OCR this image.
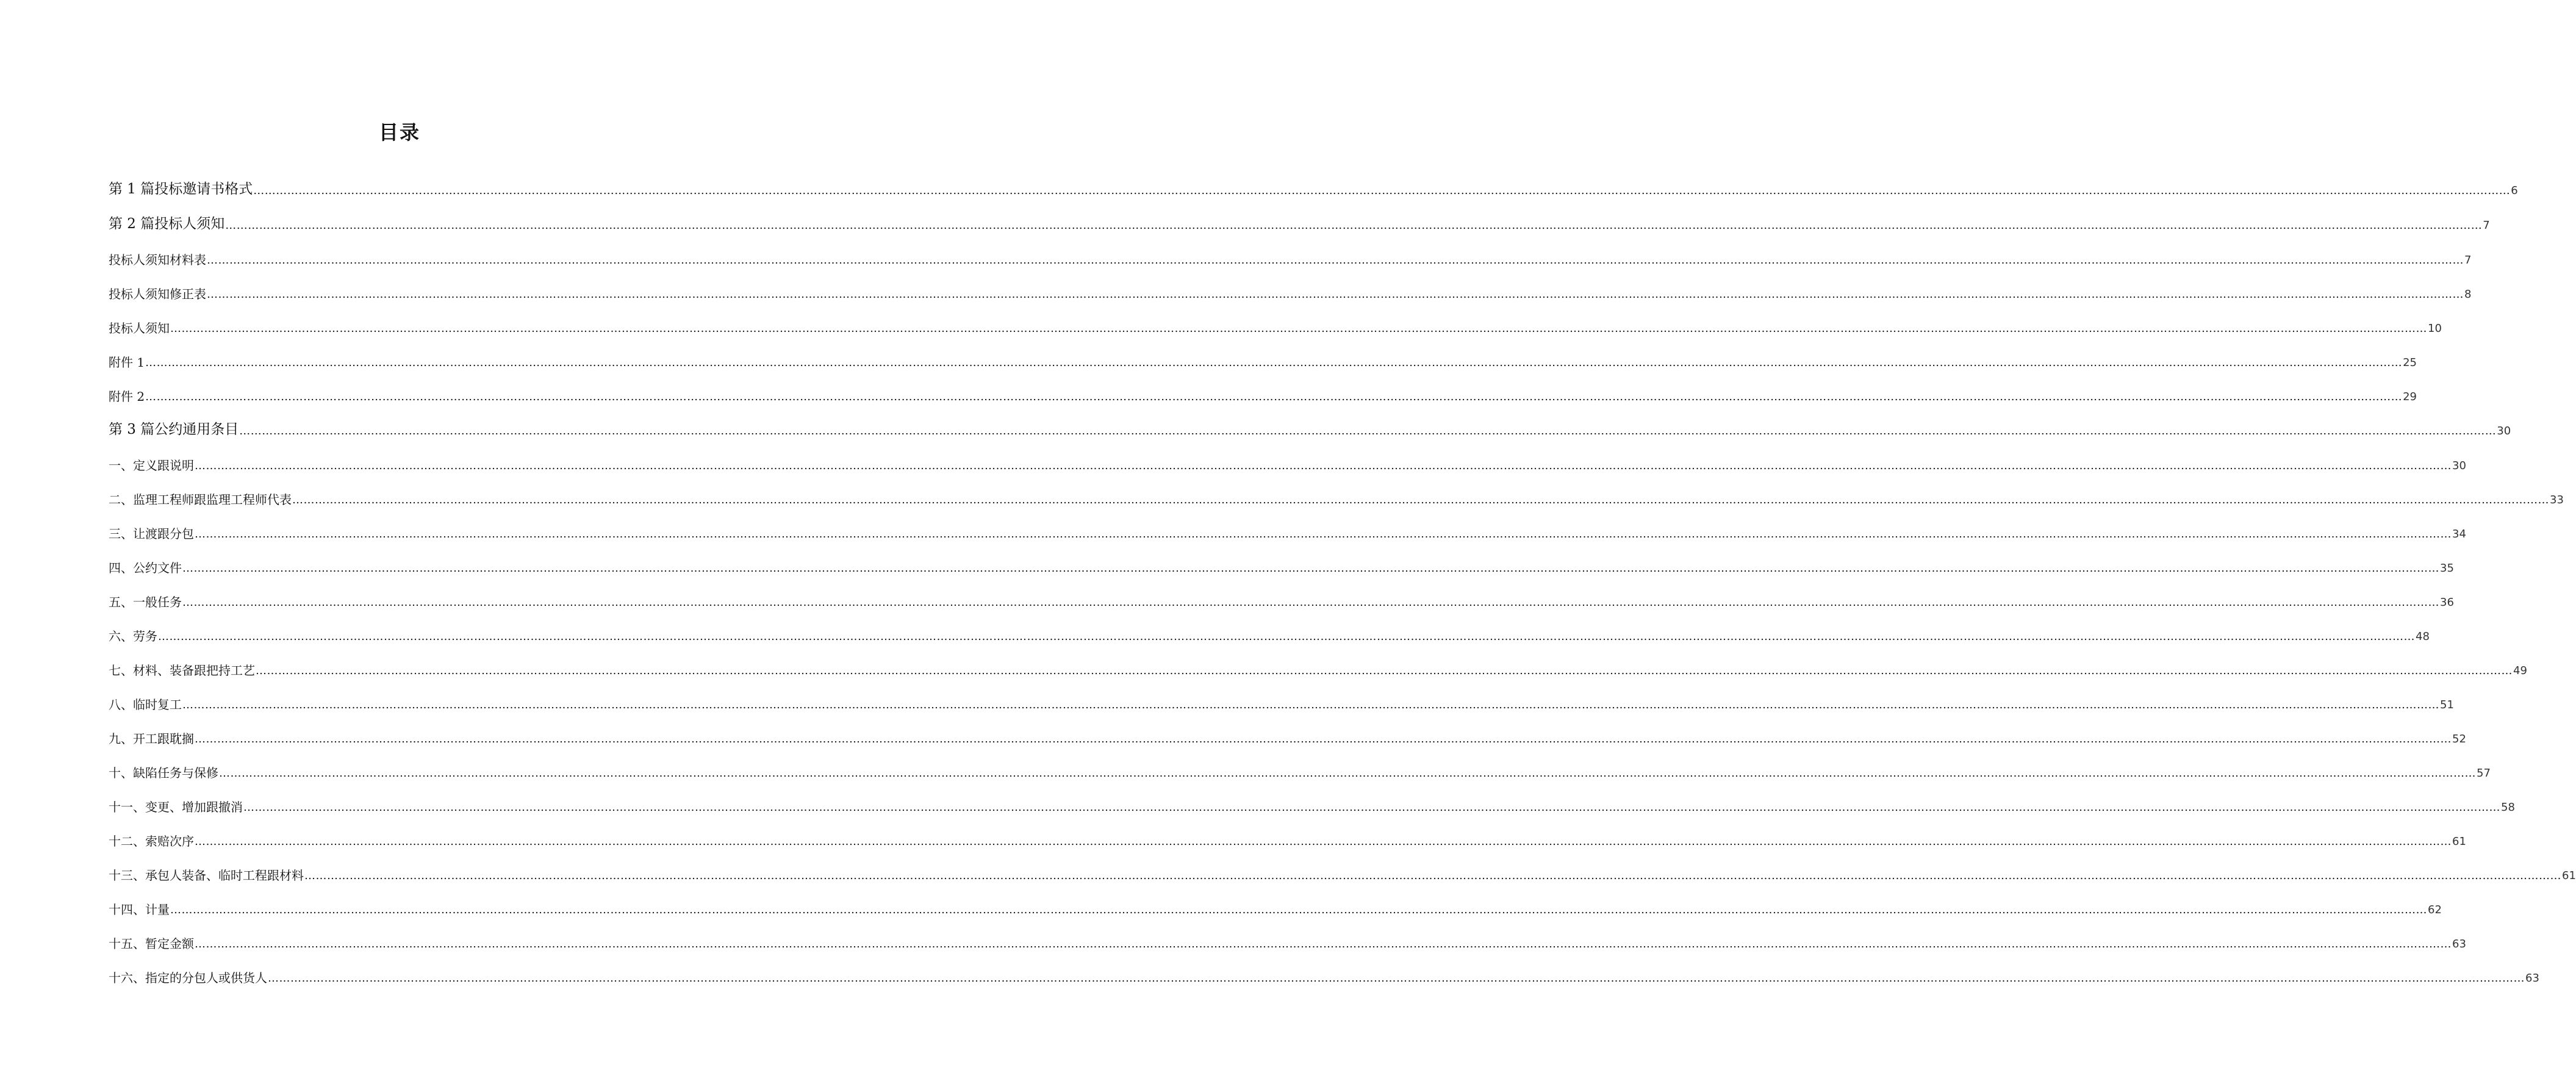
目录
第 1 篇投标邀请书格式 …………………………………………………………………………………………………………………………………………………………………………………………………………………………………………………………………………………………………………………………………………………………………………………………………………………………………………………………………………………………………………………………………………………… 6
第 2 篇投标人须知 …………………………………………………………………………………………………………………………………………………………………………………………………………………………………………………………………………………………………………………………………………………………………………………………………………………………………………………………………………………………………………………………………………………… 7
投标人须知材料表 …………………………………………………………………………………………………………………………………………………………………………………………………………………………………………………………………………………………………………………………………………………………………………………………………………………………………………………………………………………………………………………………………………………… 7
投标人须知修正表 …………………………………………………………………………………………………………………………………………………………………………………………………………………………………………………………………………………………………………………………………………………………………………………………………………………………………………………………………………………………………………………………………………………… 8
投标人须知 …………………………………………………………………………………………………………………………………………………………………………………………………………………………………………………………………………………………………………………………………………………………………………………………………………………………………………………………………………………………………………………………………………………… 10
附件 1 …………………………………………………………………………………………………………………………………………………………………………………………………………………………………………………………………………………………………………………………………………………………………………………………………………………………………………………………………………………………………………………………………………………… 25
附件 2 …………………………………………………………………………………………………………………………………………………………………………………………………………………………………………………………………………………………………………………………………………………………………………………………………………………………………………………………………………………………………………………………………………………… 29
第 3 篇公约通用条目 …………………………………………………………………………………………………………………………………………………………………………………………………………………………………………………………………………………………………………………………………………………………………………………………………………………………………………………………………………………………………………………………………………………… 30
一、定义跟说明 …………………………………………………………………………………………………………………………………………………………………………………………………………………………………………………………………………………………………………………………………………………………………………………………………………………………………………………………………………………………………………………………………………………… 30
二、监理工程师跟监理工程师代表 …………………………………………………………………………………………………………………………………………………………………………………………………………………………………………………………………………………………………………………………………………………………………………………………………………………………………………………………………………………………………………………………………………………… 33
三、让渡跟分包 …………………………………………………………………………………………………………………………………………………………………………………………………………………………………………………………………………………………………………………………………………………………………………………………………………………………………………………………………………………………………………………………………………………… 34
四、公约文件 …………………………………………………………………………………………………………………………………………………………………………………………………………………………………………………………………………………………………………………………………………………………………………………………………………………………………………………………………………………………………………………………………………………… 35
五、一般任务 …………………………………………………………………………………………………………………………………………………………………………………………………………………………………………………………………………………………………………………………………………………………………………………………………………………………………………………………………………………………………………………………………………………… 36
六、劳务 …………………………………………………………………………………………………………………………………………………………………………………………………………………………………………………………………………………………………………………………………………………………………………………………………………………………………………………………………………………………………………………………………………………… 48
七、材料、装备跟把持工艺 …………………………………………………………………………………………………………………………………………………………………………………………………………………………………………………………………………………………………………………………………………………………………………………………………………………………………………………………………………………………………………………………………………………… 49
八、临时复工 …………………………………………………………………………………………………………………………………………………………………………………………………………………………………………………………………………………………………………………………………………………………………………………………………………………………………………………………………………………………………………………………………………………… 51
九、开工跟耽搁 …………………………………………………………………………………………………………………………………………………………………………………………………………………………………………………………………………………………………………………………………………………………………………………………………………………………………………………………………………………………………………………………………………………… 52
十、缺陷任务与保修 …………………………………………………………………………………………………………………………………………………………………………………………………………………………………………………………………………………………………………………………………………………………………………………………………………………………………………………………………………………………………………………………………………………… 57
十一、变更、增加跟撤消 …………………………………………………………………………………………………………………………………………………………………………………………………………………………………………………………………………………………………………………………………………………………………………………………………………………………………………………………………………………………………………………………………………………… 58
十二、索赔次序 …………………………………………………………………………………………………………………………………………………………………………………………………………………………………………………………………………………………………………………………………………………………………………………………………………………………………………………………………………………………………………………………………………………… 61
十三、承包人装备、临时工程跟材料 …………………………………………………………………………………………………………………………………………………………………………………………………………………………………………………………………………………………………………………………………………………………………………………………………………………………………………………………………………………………………………………………………………………… 61
十四、计量 …………………………………………………………………………………………………………………………………………………………………………………………………………………………………………………………………………………………………………………………………………………………………………………………………………………………………………………………………………………………………………………………………………………… 62
十五、暂定金额 …………………………………………………………………………………………………………………………………………………………………………………………………………………………………………………………………………………………………………………………………………………………………………………………………………………………………………………………………………………………………………………………………………………… 63
十六、指定的分包人或供货人 …………………………………………………………………………………………………………………………………………………………………………………………………………………………………………………………………………………………………………………………………………………………………………………………………………………………………………………………………………………………………………………………………………………… 63
